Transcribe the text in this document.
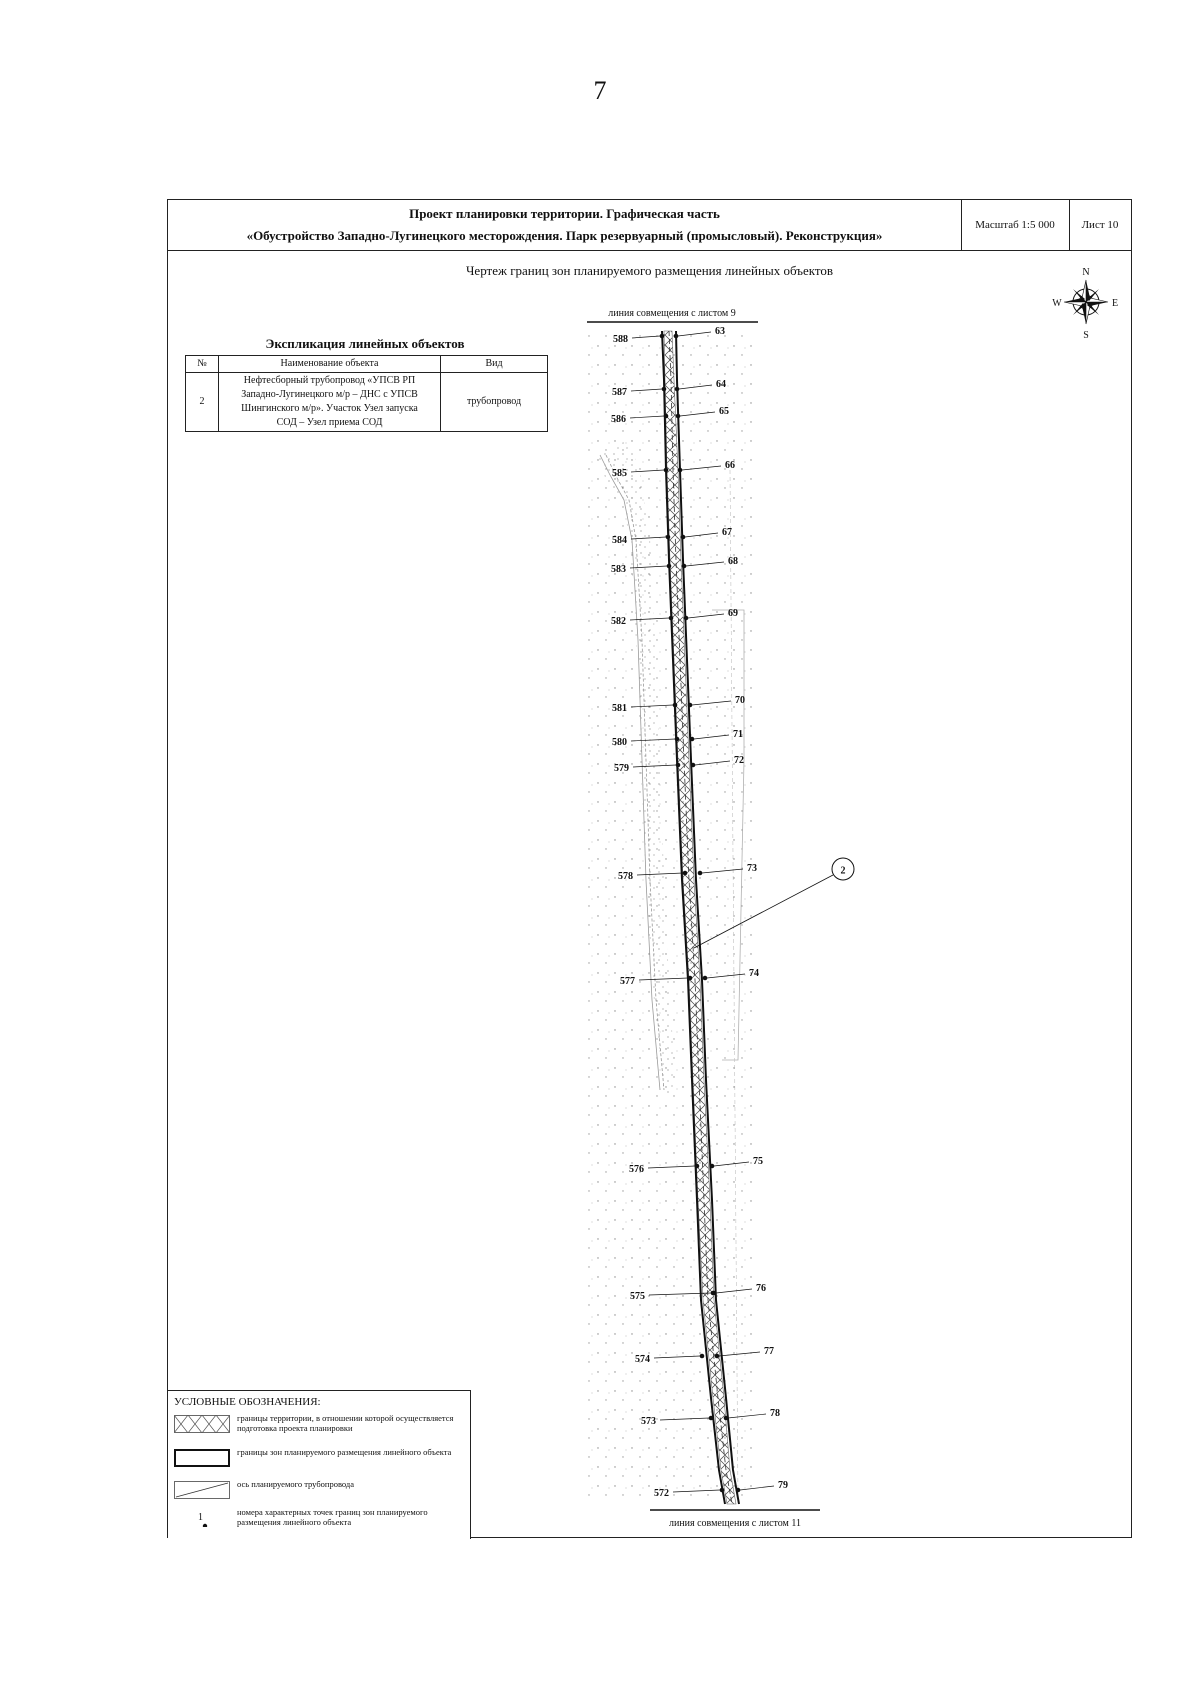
7
линия совмещения с листом 9
линия совмещения с листом 11
588
63
587
64
586
65
585
66
584
67
583
68
582
69
581
70
580
71
579
72
578
73
577
74
576
75
575
76
574
77
573
78
572
79
2
N
S
E
W
Проект планировки территории. Графическая часть
«Обустройство Западно-Лугинецкого месторождения. Парк резервуарный (промысловый). Реконструкция»
Масштаб 1:5 000	Лист 10
Чертеж границ зон планируемого размещения линейных объектов
Экспликация линейных объектов
№	Наименование объекта	Вид
2	Нефтесборный трубопровод «УПСВ РП
Западно-Лугинецкого м/р – ДНС с УПСВ
Шингинского м/р». Участок Узел запуска
СОД – Узел приема СОД	трубопровод
УСЛОВНЫЕ ОБОЗНАЧЕНИЯ:
границы территории, в отношении которой осуществляется подготовка проекта планировки
границы зон планируемого размещения линейного объекта
ось планируемого трубопровода
1	номера характерных точек границ зон планируемого размещения линейного объекта
